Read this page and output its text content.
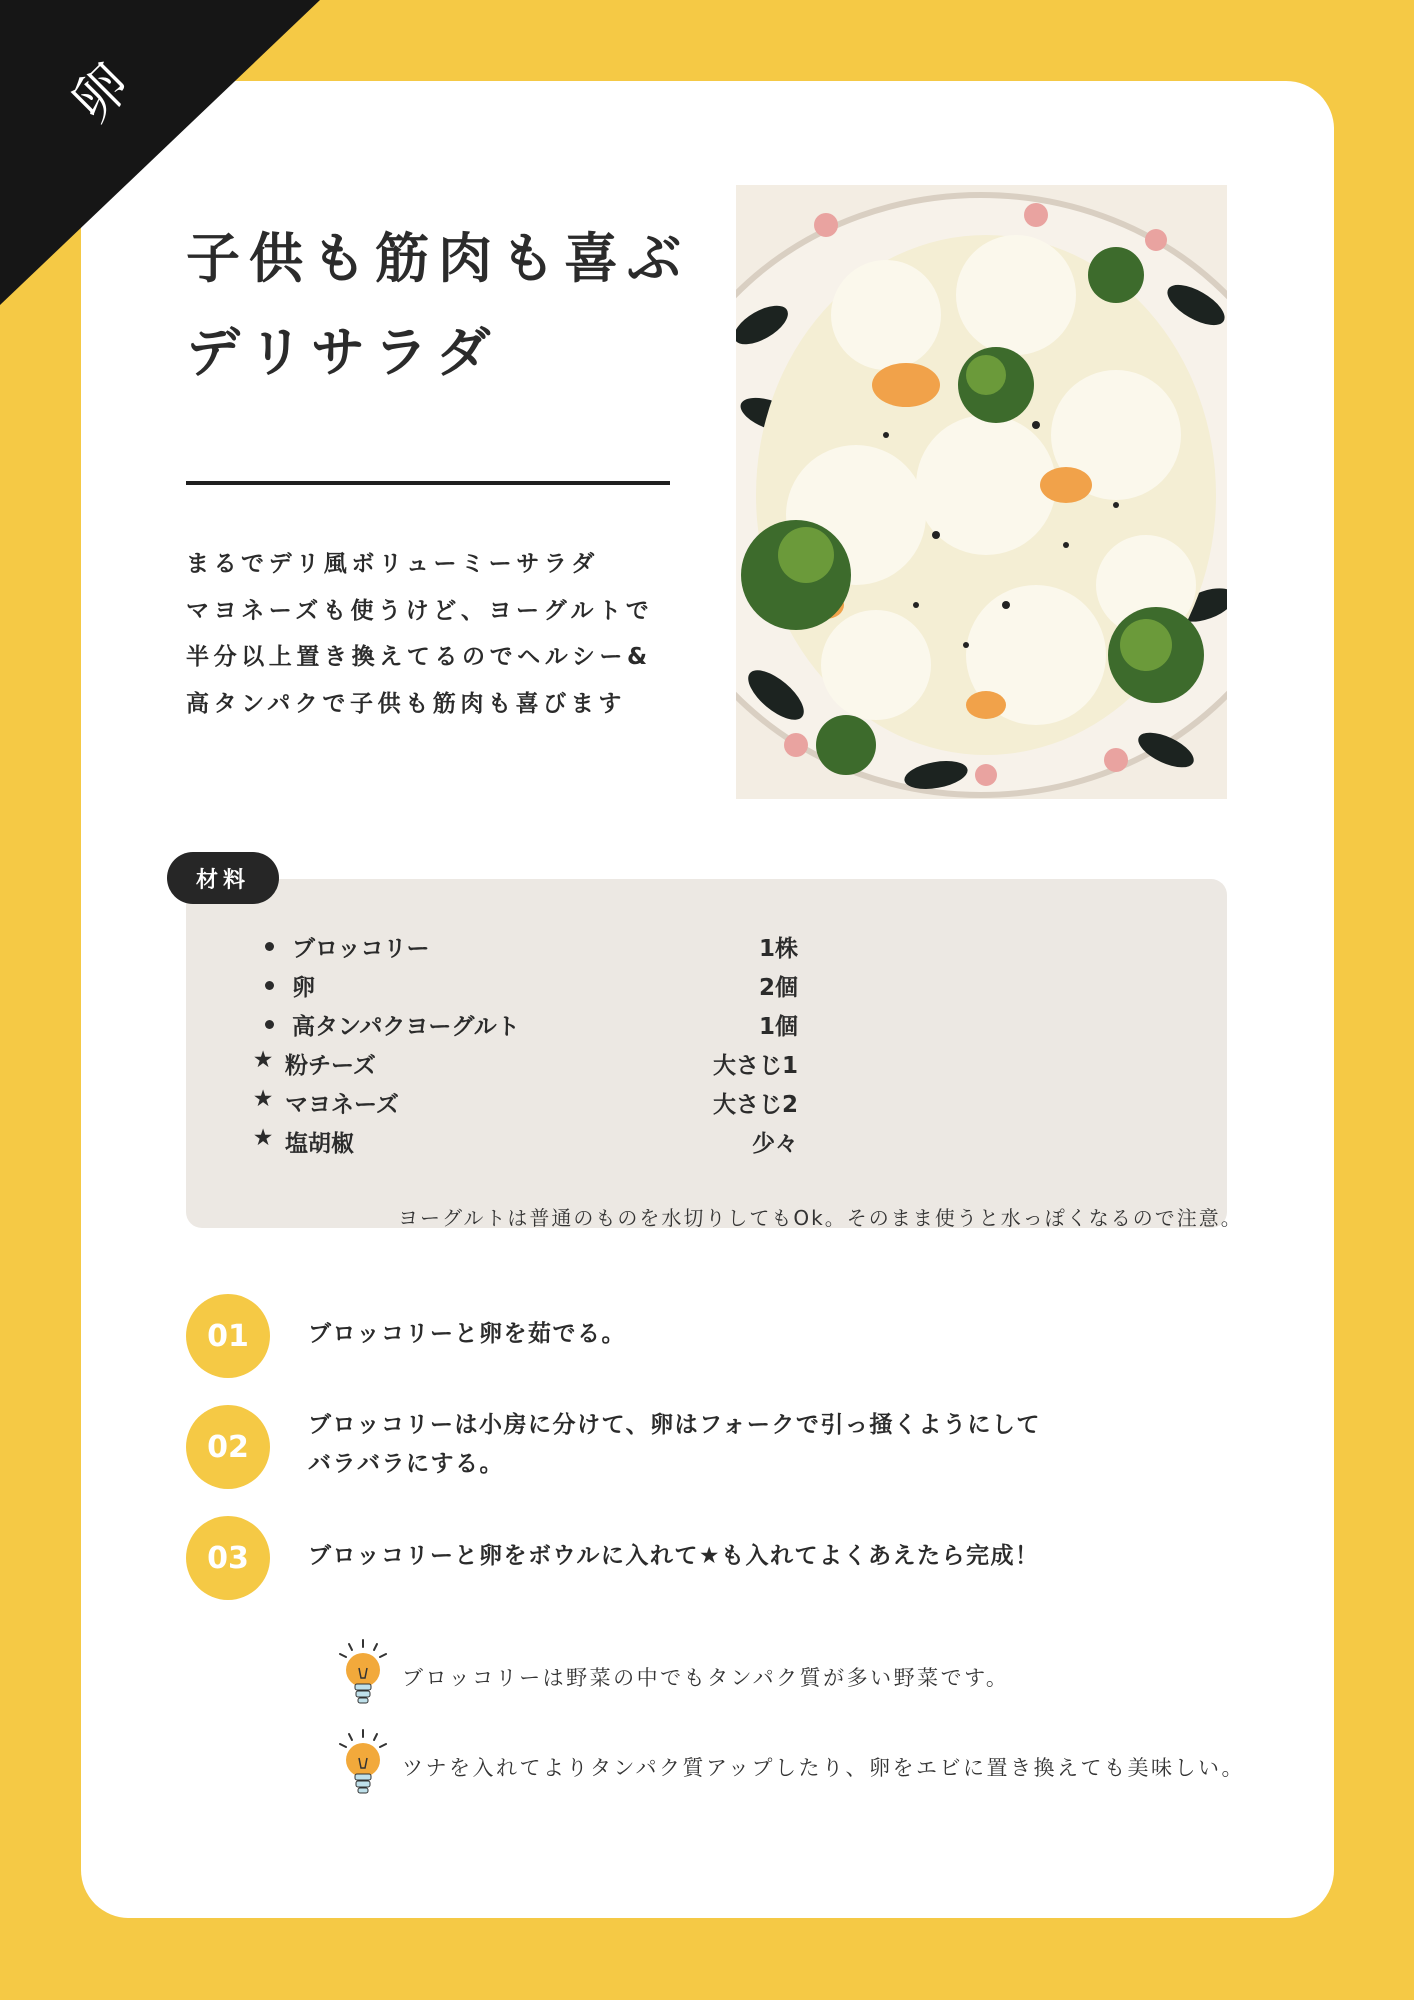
卵
子供も筋肉も喜ぶ
デリサラダ
まるでデリ風ボリューミーサラダ
マヨネーズも使うけど、ヨーグルトで
半分以上置き換えてるのでヘルシー&
高タンパクで子供も筋肉も喜びます
材料
ブロッコリー	1株
卵	2個
高タンパクヨーグルト	1個
★ 粉チーズ	大さじ1
★ マヨネーズ	大さじ2
★ 塩胡椒	少々
ヨーグルトは普通のものを水切りしてもOk。そのまま使うと水っぽくなるので注意。
01	ブロッコリーと卵を茹でる。
02
ブロッコリーは小房に分けて、卵はフォークで引っ掻くようにして
バラバラにする。
03	ブロッコリーと卵をボウルに入れて★も入れてよくあえたら完成！
ブロッコリーは野菜の中でもタンパク質が多い野菜です。
ツナを入れてよりタンパク質アップしたり、卵をエビに置き換えても美味しい。
